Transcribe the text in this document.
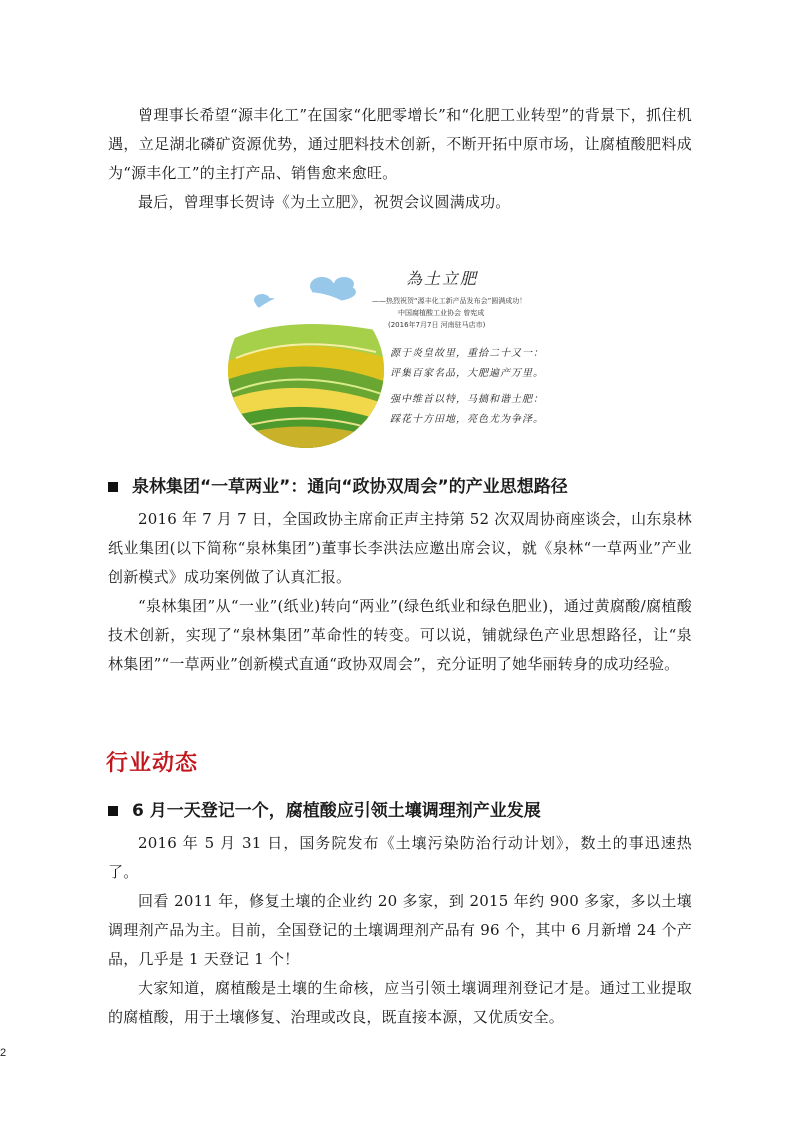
曾理事长希望“源丰化工”在国家“化肥零增长”和“化肥工业转型”的背景下，抓住机遇，立足湖北磷矿资源优势，通过肥料技术创新，不断开拓中原市场，让腐植酸肥料成为“源丰化工”的主打产品、销售愈来愈旺。

最后，曾理事长贺诗《为土立肥》，祝贺会议圆满成功。

為土立肥
——热烈祝贺“源丰化工新产品发布会”圆满成功！
中国腐植酸工业协会 曾宪成
(2016年7月7日 河南驻马店市)
源于炎皇故里，重拾二十又一：
评集百家名品，大肥遍产万里。
强中维首以特，马搞和谐土肥：
踩花十方田地，亮色尤为争泽。
泉林集团“一草两业”：通向“政协双周会”的产业思想路径

2016 年 7 月 7 日，全国政协主席俞正声主持第 52 次双周协商座谈会，山东泉林纸业集团(以下简称“泉林集团”)董事长李洪法应邀出席会议，就《泉林“一草两业”产业创新模式》成功案例做了认真汇报。

“泉林集团”从“一业”(纸业)转向“两业”(绿色纸业和绿色肥业)，通过黄腐酸/腐植酸技术创新，实现了“泉林集团”革命性的转变。可以说，铺就绿色产业思想路径，让“泉林集团”“一草两业”创新模式直通“政协双周会”，充分证明了她华丽转身的成功经验。

行业动态
6 月一天登记一个，腐植酸应引领土壤调理剂产业发展

2016 年 5 月 31 日，国务院发布《土壤污染防治行动计划》，数土的事迅速热了。

回看 2011 年，修复土壤的企业约 20 多家，到 2015 年约 900 多家，多以土壤调理剂产品为主。目前，全国登记的土壤调理剂产品有 96 个，其中 6 月新增 24 个产品，几乎是 1 天登记 1 个！

大家知道，腐植酸是土壤的生命核，应当引领土壤调理剂登记才是。通过工业提取的腐植酸，用于土壤修复、治理或改良，既直接本源，又优质安全。

2
